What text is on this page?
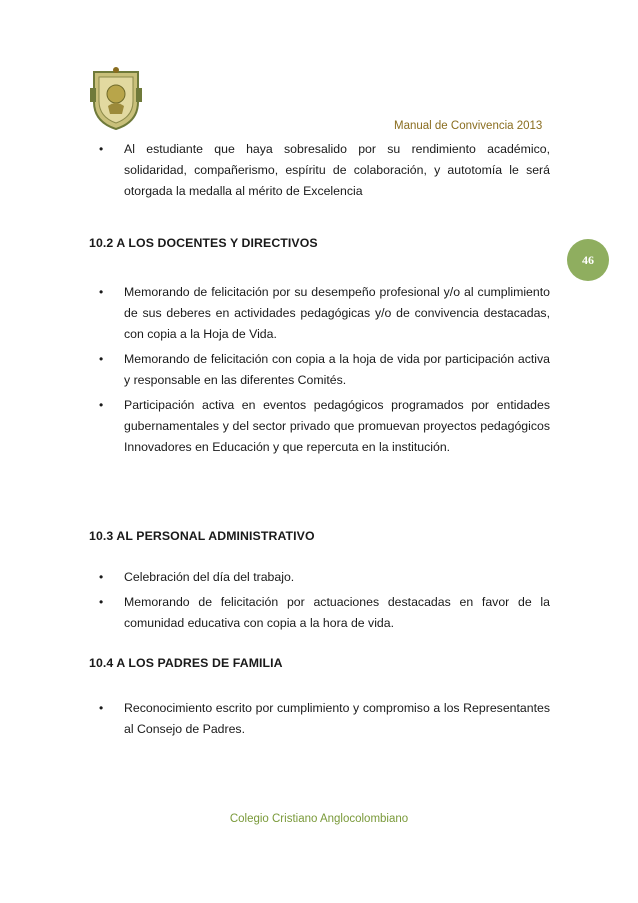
Manual de Convivencia 2013
46
• Al estudiante que haya sobresalido por su rendimiento académico, solidaridad, compañerismo, espíritu de colaboración, y autotomía le será otorgada la medalla al mérito de Excelencia
10.2 A LOS DOCENTES Y DIRECTIVOS
• Memorando de felicitación por su desempeño profesional y/o al cumplimiento de sus deberes en actividades pedagógicas y/o de convivencia destacadas, con copia a la Hoja de Vida.
• Memorando de felicitación con copia a la hoja de vida por participación activa y responsable en las diferentes Comités.
• Participación activa en eventos pedagógicos programados por entidades gubernamentales y del sector privado que promuevan proyectos pedagógicos Innovadores en Educación y que repercuta en la institución.
10.3 AL PERSONAL ADMINISTRATIVO
• Celebración del día del trabajo.
• Memorando de felicitación por actuaciones destacadas en favor de la comunidad educativa con copia a la hora de vida.
10.4 A LOS PADRES DE FAMILIA
• Reconocimiento escrito por cumplimiento y compromiso a los Representantes al Consejo de Padres.
Colegio Cristiano Anglocolombiano
